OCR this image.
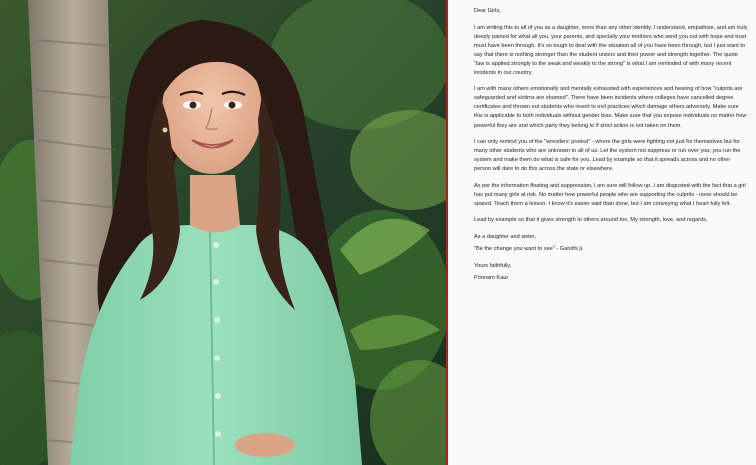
Dear Girls,

I am writing this to all of you as a daughter, more than any other identity. I understand, empathize, and am truly deeply pained for what all you, your parents, and specially your mothers who send you out with hope and trust must have been through. It's so tough to deal with the situation all of you have been through, but I just want to say that there is nothing stronger than the student unions and their power and strength together. The quote "law is applied strongly to the weak and weakly to the strong" is what I am reminded of with many recent incidents in our country.

I am with many others emotionally and mentally exhausted with experiences and hearing of how "culprits are safeguarded and victims are shamed". There have been incidents where colleges have cancelled degree certificates and thrown out students who resort to evil practices which damage others adversely. Make sure this is applicable to both individuals without gender bias. Make sure that you expose individuals no matter how powerful they are and which party they belong to if strict action is not taken on them.

I can only remind you of the "wrestlers' protest" - where the girls were fighting not just for themselves but for many other students who are unknown to all of us. Let the system not suppress or run over you; you run the system and make them do what is safe for you. Lead by example so that it spreads across and no other person will dare to do this across the state or elsewhere.

As per the information floating and suppression, I am sure will follow up. I am disgusted with the fact that a girl has put many girls at risk. No matter how powerful people who are supporting the culprits - none should be spared. Teach them a lesson. I know it's easier said than done, but I am conveying what I heart fully felt.

Lead by example so that it gives strength to others around too. My strength, love, and regards,

As a daughter and sister,

"Be the change you want to see" - Gandhi ji.

Yours faithfully,

Poonam Kaur
